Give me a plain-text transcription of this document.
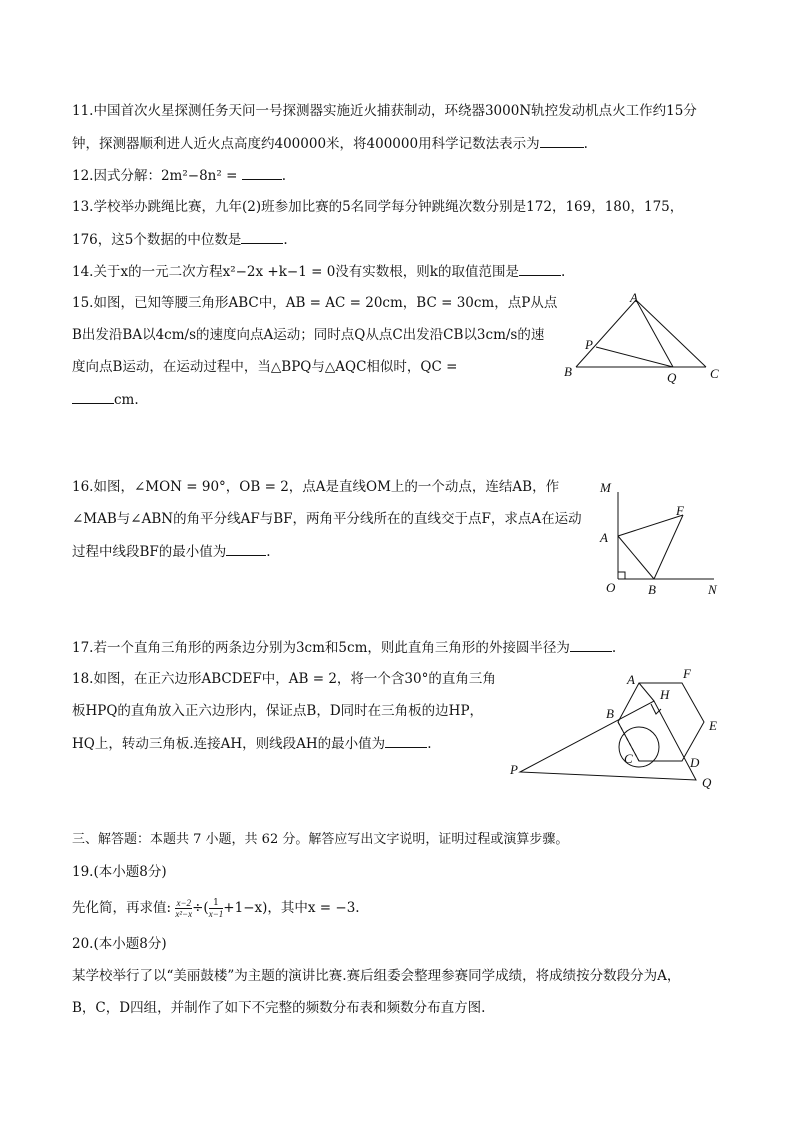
11.中国首次火星探测任务天问一号探测器实施近火捕获制动，环绕器3000N轨控发动机点火工作约15分
钟，探测器顺利进人近火点高度约400000米，将400000用科学记数法表示为	.
12.因式分解：2m²−8n² =	.
13.学校举办跳绳比赛，九年(2)班参加比赛的5名同学每分钟跳绳次数分别是172，169，180，175，
176，这5个数据的中位数是	.
14.关于x的一元二次方程x²−2x +k−1 = 0没有实数根，则k的取值范围是	.
15.如图，已知等腰三角形ABC中，AB = AC = 20cm，BC = 30cm，点P从点
B出发沿BA以4cm/s的速度向点A运动；同时点Q从点C出发沿CB以3cm/s的速
度向点B运动，在运动过程中，当△BPQ与△AQC相似时，QC =
cm.
A
B	C
P
Q
16.如图，∠MON = 90°，OB = 2，点A是直线OM上的一个动点，连结AB，作
∠MAB与∠ABN的角平分线AF与BF，两角平分线所在的直线交于点F，求点A在运动
过程中线段BF的最小值为	.
M
A
F
O	B	N
17.若一个直角三角形的两条边分别为3cm和5cm，则此直角三角形的外接圆半径为	.
18.如图，在正六边形ABCDEF中，AB = 2，将一个含30°的直角三角
板HPQ的直角放入正六边形内，保证点B，D同时在三角板的边HP，
HQ上，转动三角板.连接AH，则线段AH的最小值为	.
A	F
H
B
E
C	D
P
Q
三、解答题：本题共 7 小题，共 62 分。解答应写出文字说明，证明过程或演算步骤。
19.(本小题8分)
先化简，再求值: $\frac{x-2}{\text{x²−x}}$ ÷( $\frac{1}{x-1} +1-x$)，其中x = −3.
20.(本小题8分)
某学校举行了以“美丽鼓楼”为主题的演讲比赛.赛后组委会整理参赛同学成绩，将成绩按分数段分为A，
B，C，D四组，并制作了如下不完整的频数分布表和频数分布直方图.
